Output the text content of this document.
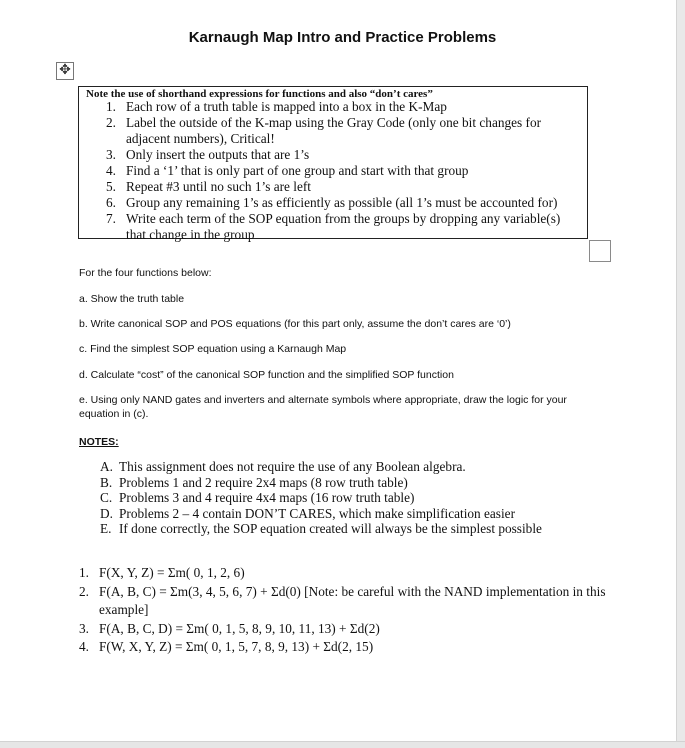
Karnaugh Map Intro and Practice Problems
✥
Note the use of shorthand expressions for functions and also “don’t cares”
1. Each row of a truth table is mapped into a box in the K-Map
2. Label the outside of the K-map using the Gray Code (only one bit changes for adjacent numbers), Critical!
3. Only insert the outputs that are 1’s
4. Find a ‘1’ that is only part of one group and start with that group
5. Repeat #3 until no such 1’s are left
6. Group any remaining 1’s as efficiently as possible (all 1’s must be accounted for)
7. Write each term of the SOP equation from the groups by dropping any variable(s) that change in the group
For the four functions below:
a. Show the truth table
b. Write canonical SOP and POS equations (for this part only, assume the don’t cares are ‘0’)
c. Find the simplest SOP equation using a Karnaugh Map
d. Calculate “cost” of the canonical SOP function and the simplified SOP function
e. Using only NAND gates and inverters and alternate symbols where appropriate, draw the logic for your equation in (c).
NOTES:
A. This assignment does not require the use of any Boolean algebra.
B. Problems 1 and 2 require 2x4 maps (8 row truth table)
C. Problems 3 and 4 require 4x4 maps (16 row truth table)
D. Problems 2 – 4 contain DON’T CARES, which make simplification easier
E. If done correctly, the SOP equation created will always be the simplest possible
1. F(X, Y, Z) = Σm( 0, 1, 2, 6)
2. F(A, B, C) = Σm(3, 4, 5, 6, 7) + Σd(0) [Note: be careful with the NAND implementation in this example]
3. F(A, B, C, D) = Σm( 0, 1, 5, 8, 9, 10, 11, 13) + Σd(2)
4. F(W, X, Y, Z) = Σm( 0, 1, 5, 7, 8, 9, 13) + Σd(2, 15)
